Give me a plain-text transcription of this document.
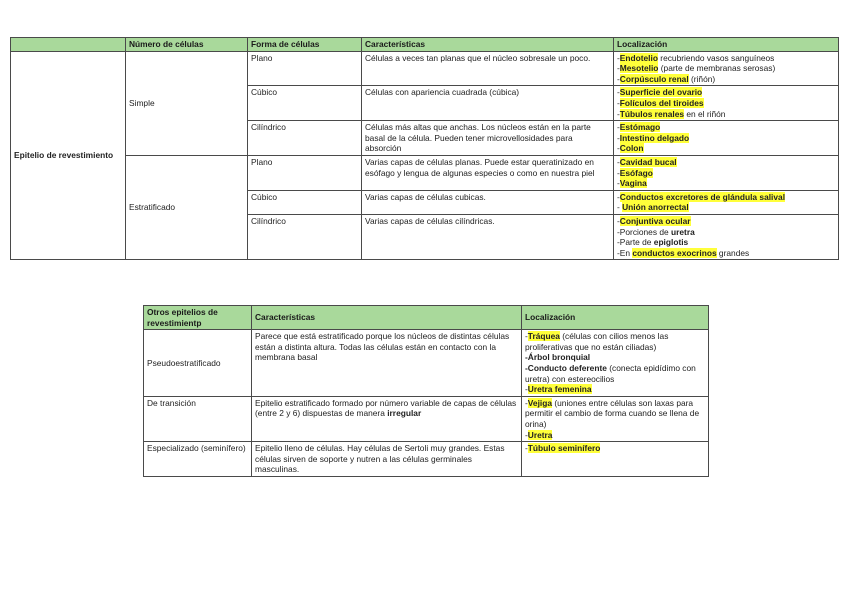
	Número de células	Forma de células	Características	Localización
Epitelio de revestimiento	Simple	Plano	Células a veces tan planas que el núcleo sobresale un poco.	-Endotelio recubriendo vasos sanguíneos
-Mesotelio (parte de membranas serosas)
-Corpúsculo renal (riñón)

		Cúbico	Células con apariencia cuadrada (cúbica)	-Superficie del ovario
-Folículos del tiroides
-Túbulos renales en el riñón

		Cilíndrico	Células más altas que anchas. Los núcleos están en la parte basal de la célula. Pueden tener microvellosidades para absorción	-Estómago
-Intestino delgado
-Colon

	Estratificado	Plano	Varias capas de células planas. Puede estar queratinizado en esófago y lengua de algunas especies o como en nuestra piel	-Cavidad bucal
-Esófago
-Vagina

		Cúbico	Varias capas de células cubicas.	-Conductos excretores de glándula salival
- Unión anorrectal

		Cilíndrico	Varias capas de células cilíndricas.	-Conjuntiva ocular
-Porciones de uretra
-Parte de epiglotis
-En conductos exocrinos grandes
Otros epitelios de revestimientp	Características	Localización
Pseudoestratificado	Parece que está estratificado porque los núcleos de distintas células están a distinta altura. Todas las células están en contacto con la membrana basal	-Tráquea (células con cilios menos las proliferativas que no están ciliadas)
-Árbol bronquial
-Conducto deferente (conecta epidídimo con uretra) con estereocilios
-Uretra femenina

De transición	Epitelio estratificado formado por número variable de capas de células (entre 2 y 6) dispuestas de manera irregular	-Vejiga (uniones entre células son laxas para permitir el cambio de forma cuando se llena de orina)
-Uretra

Especializado (seminífero)	Epitelio lleno de células. Hay células de Sertoli muy grandes. Estas células sirven de soporte y nutren a las células germinales masculinas.	-Túbulo seminífero
